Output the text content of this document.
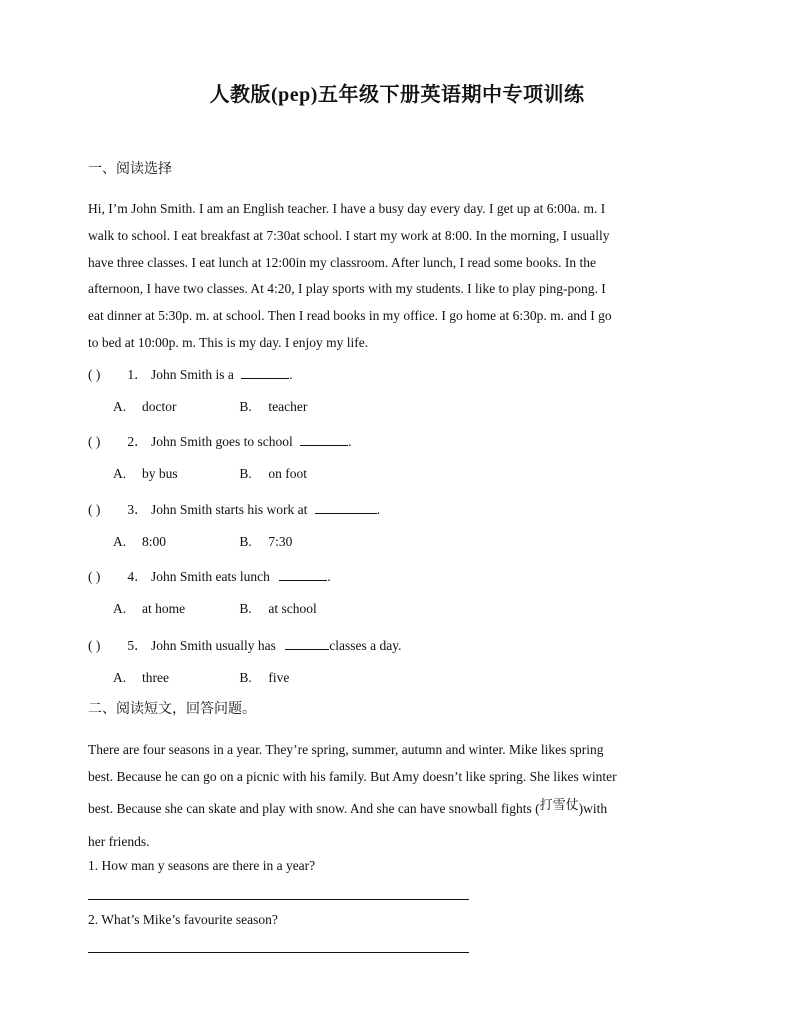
人教版(pep)五年级下册英语期中专项训练
一、阅读选择
Hi, I’m John Smith. I am an English teacher. I have a busy day every day. I get up at 6:00a. m. I
walk to school. I eat breakfast at 7:30at school. I start my work at 8:00. In the morning, I usually
have three classes. I eat lunch at 12:00in my classroom. After lunch, I read some books. In the
afternoon, I have two classes. At 4:20, I play sports with my students. I like to play ping-pong. I
eat dinner at 5:30p. m. at school. Then I read books in my office. I go home at 6:30p. m. and I go
to bed at 10:00p. m. This is my day. I enjoy my life.
( ) 1． John Smith is a	.
A. doctor	B. teacher
( ) 2． John Smith goes to school	.
A. by bus	B. on foot
( ) 3． John Smith starts his work at	.
A. 8:00	B. 7:30
( ) 4． John Smith eats lunch	.
A. at home	B. at school
( ) 5． John Smith usually has	classes a day.
A. three	B. five
二、阅读短文，回答问题。
There are four seasons in a year. They’re spring, summer, autumn and winter. Mike likes spring
best. Because he can go on a picnic with his family. But Amy doesn’t like spring. She likes winter
best. Because she can skate and play with snow. And she can have snowball fights (打雪仗)with
her friends.
1. How man y seasons are there in a year?
2. What’s Mike’s favourite season?
